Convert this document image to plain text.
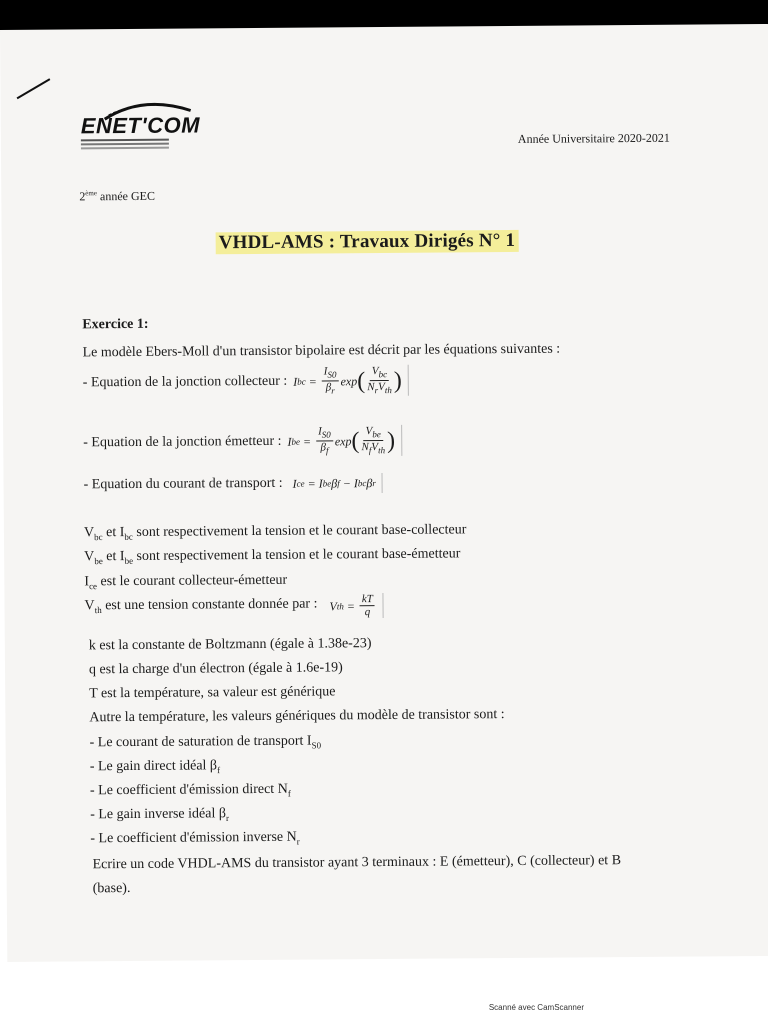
ENET'COM	Année Universitaire 2020-2021
2ème année GEC
VHDL-AMS : Travaux Dirigés N° 1
Exercice 1:
Le modèle Ebers-Moll d'un transistor bipolaire est décrit par les équations suivantes :
- Equation de la jonction collecteur : I bc = $\frac{I_{S0}}{\beta_r}$ exp ( $\frac{V_{bc}}{N_rV_{th}}$ )
- Equation de la jonction émetteur : I be = $\frac{I_{S0}}{\beta_f}$ exp ( $\frac{V_{be}}{N_fV_{th}}$ )
- Equation du courant de transport : I ce = I be β f − I bc β r
$V_{bc}$ et $I_{bc}$ sont respectivement la tension et le courant base-collecteur
$V_{be}$ et $I_{be}$ sont respectivement la tension et le courant base-émetteur
$I_{ce}$ est le courant collecteur-émetteur
$V_{th}$ est une tension constante donnée par : V th = $\frac{kT}{q}$
k est la constante de Boltzmann (égale à 1.38e-23)
q est la charge d'un électron (égale à 1.6e-19)
T est la température, sa valeur est générique
Autre la température, les valeurs génériques du modèle de transistor sont :
- Le courant de saturation de transport $I_{S0}$
- Le gain direct idéal $\beta_f$
- Le coefficient d'émission direct $N_f$
- Le gain inverse idéal $\beta_r$
- Le coefficient d'émission inverse $N_r$
Ecrire un code VHDL-AMS du transistor ayant 3 terminaux : E (émetteur), C (collecteur) et B
(base).
Scanné avec CamScanner
